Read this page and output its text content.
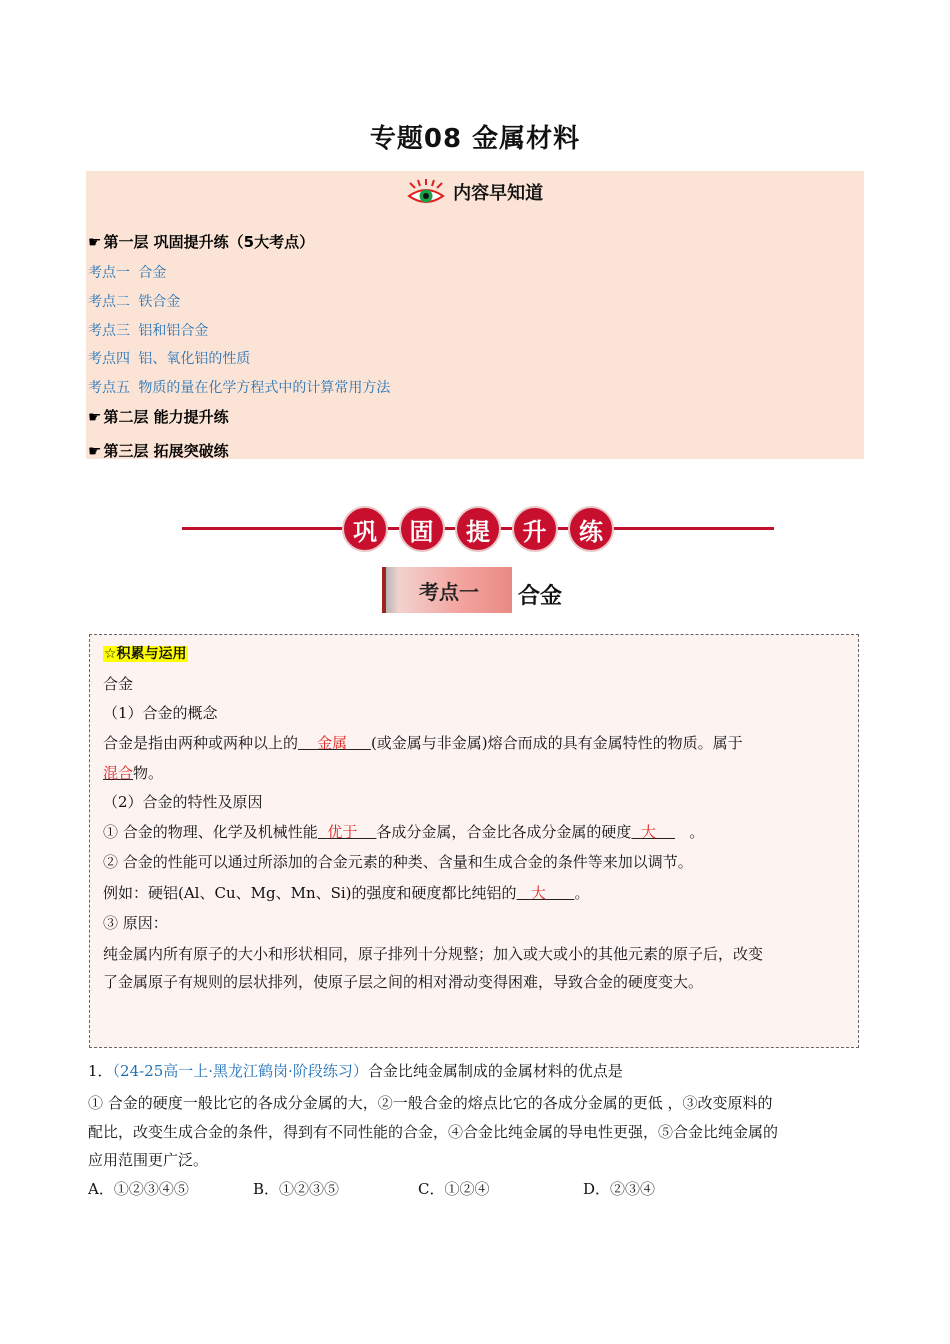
专题08 金属材料
内容早知道
☛ 第一层 巩固提升练（5大考点）
考点一 合金
考点二 铁合金
考点三 铝和铝合金
考点四 铝、氧化铝的性质
考点五 物质的量在化学方程式中的计算常用方法
☛ 第二层 能力提升练
☛ 第三层 拓展突破练
巩	固	提	升	练
考点一	合金
☆积累与运用
合金
（1）合金的概念
合金是指由两种或两种以上的 金属 (或金属与非金属)熔合而成的具有金属特性的物质。属于
混合物。
（2）合金的特性及原因
① 合金的物理、化学及机械性能 优于 各成分金属，合金比各成分金属的硬度 大 。
② 合金的性能可以通过所添加的合金元素的种类、含量和生成合金的条件等来加以调节。
例如：硬铝(Al、Cu、Mg、Mn、Si)的强度和硬度都比纯铝的 大 。
③ 原因：
纯金属内所有原子的大小和形状相同，原子排列十分规整；加入或大或小的其他元素的原子后，改变
了金属原子有规则的层状排列，使原子层之间的相对滑动变得困难，导致合金的硬度变大。
1．（24-25高一上·黑龙江鹤岗·阶段练习）合金比纯金属制成的金属材料的优点是
① 合金的硬度一般比它的各成分金属的大，②一般合金的熔点比它的各成分金属的更低 ，③改变原料的
配比，改变生成合金的条件，得到有不同性能的合金，④合金比纯金属的导电性更强，⑤合金比纯金属的
应用范围更广泛。
A．①②③④⑤	B．①②③⑤	C．①②④	D．②③④
